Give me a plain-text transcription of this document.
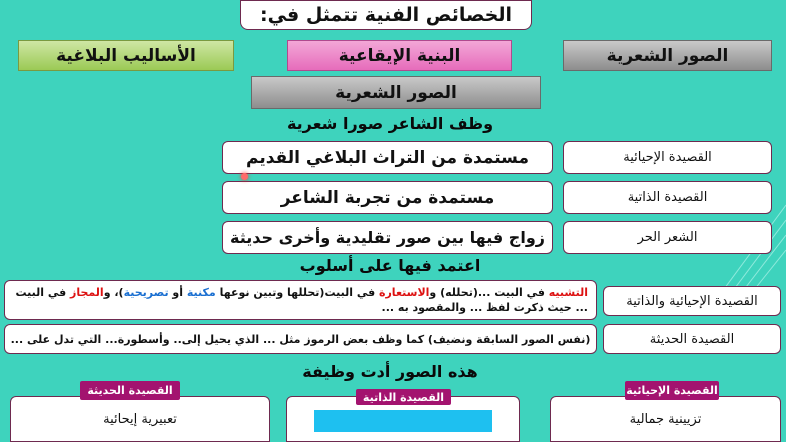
الخصائص الفنية تتمثل في:
الصور الشعرية
البنية الإيقاعية
الأساليب البلاغية
الصور الشعرية
وظف الشاعر صورا شعرية
القصيدة الإحيائية
مستمدة من التراث البلاغي القديم
القصيدة الذاتية
مستمدة من تجربة الشاعر
الشعر الحر
زواج فيها بين صور تقليدية وأخرى حديثة
اعتمد فيها على أسلوب
القصيدة الإحيائية والذاتية
التشبيه في البيت ...(تحلله) والاستعارة في البيت(تحللها وتبين نوعها مكنية أو تصريحية)، والمجاز في البيت
... حيث ذكرت لفظ ... والمقصود به ...
القصيدة الحديثة
(نفس الصور السابقة ونضيف) كما وظف بعض الرموز مثل ... الذي يحيل إلى.. وأسطورة... التي تدل على ...
هذه الصور أدت وظيفة
تزيينية جمالية
القصيدة الإحيائية
القصيدة الذاتية
تعبيرية إيحائية
القصيدة الحديثة
